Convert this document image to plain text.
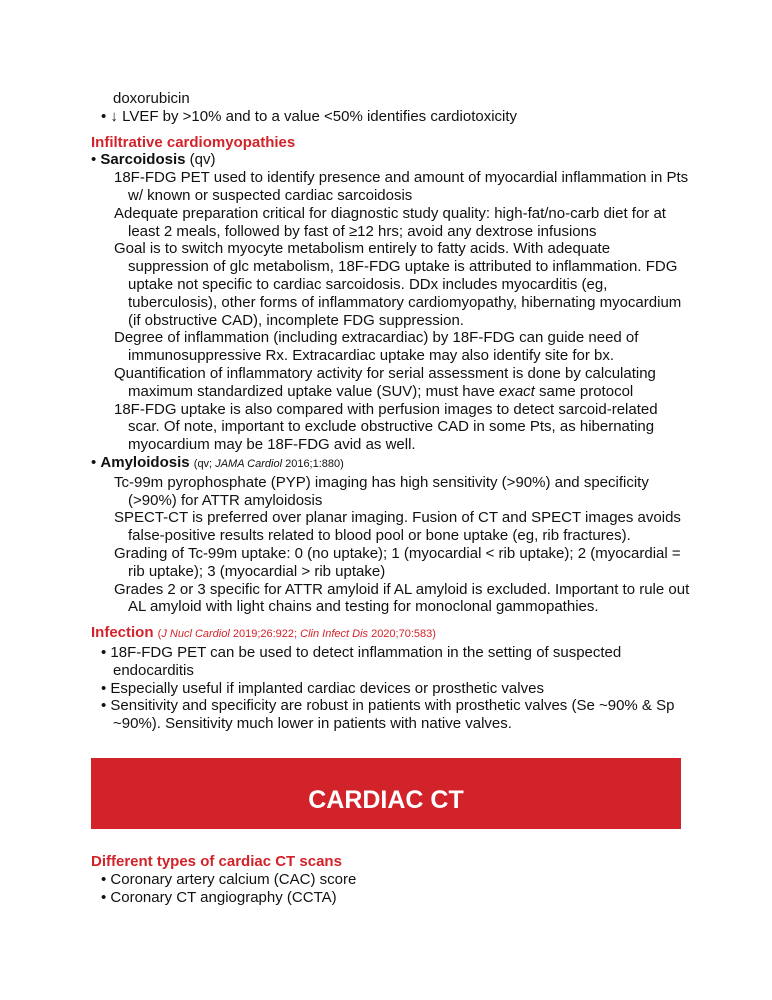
doxorubicin
• ↓ LVEF by >10% and to a value <50% identifies cardiotoxicity
Infiltrative cardiomyopathies
• Sarcoidosis (qv)
18F-FDG PET used to identify presence and amount of myocardial inflammation in Pts w/ known or suspected cardiac sarcoidosis
Adequate preparation critical for diagnostic study quality: high-fat/no-carb diet for at least 2 meals, followed by fast of ≥12 hrs; avoid any dextrose infusions
Goal is to switch myocyte metabolism entirely to fatty acids. With adequate suppression of glc metabolism, 18F-FDG uptake is attributed to inflammation. FDG uptake not specific to cardiac sarcoidosis. DDx includes myocarditis (eg, tuberculosis), other forms of inflammatory cardiomyopathy, hibernating myocardium (if obstructive CAD), incomplete FDG suppression.
Degree of inflammation (including extracardiac) by 18F-FDG can guide need of immunosuppressive Rx. Extracardiac uptake may also identify site for bx.
Quantification of inflammatory activity for serial assessment is done by calculating maximum standardized uptake value (SUV); must have exact same protocol
18F-FDG uptake is also compared with perfusion images to detect sarcoid-related scar. Of note, important to exclude obstructive CAD in some Pts, as hibernating myocardium may be 18F-FDG avid as well.
• Amyloidosis (qv; JAMA Cardiol 2016;1:880)
Tc-99m pyrophosphate (PYP) imaging has high sensitivity (>90%) and specificity (>90%) for ATTR amyloidosis
SPECT-CT is preferred over planar imaging. Fusion of CT and SPECT images avoids false-positive results related to blood pool or bone uptake (eg, rib fractures).
Grading of Tc-99m uptake: 0 (no uptake); 1 (myocardial < rib uptake); 2 (myocardial = rib uptake); 3 (myocardial > rib uptake)
Grades 2 or 3 specific for ATTR amyloid if AL amyloid is excluded. Important to rule out AL amyloid with light chains and testing for monoclonal gammopathies.
Infection (J Nucl Cardiol 2019;26:922; Clin Infect Dis 2020;70:583)
• 18F-FDG PET can be used to detect inflammation in the setting of suspected endocarditis
• Especially useful if implanted cardiac devices or prosthetic valves
• Sensitivity and specificity are robust in patients with prosthetic valves (Se ~90% & Sp ~90%). Sensitivity much lower in patients with native valves.
CARDIAC CT
Different types of cardiac CT scans
• Coronary artery calcium (CAC) score
• Coronary CT angiography (CCTA)
